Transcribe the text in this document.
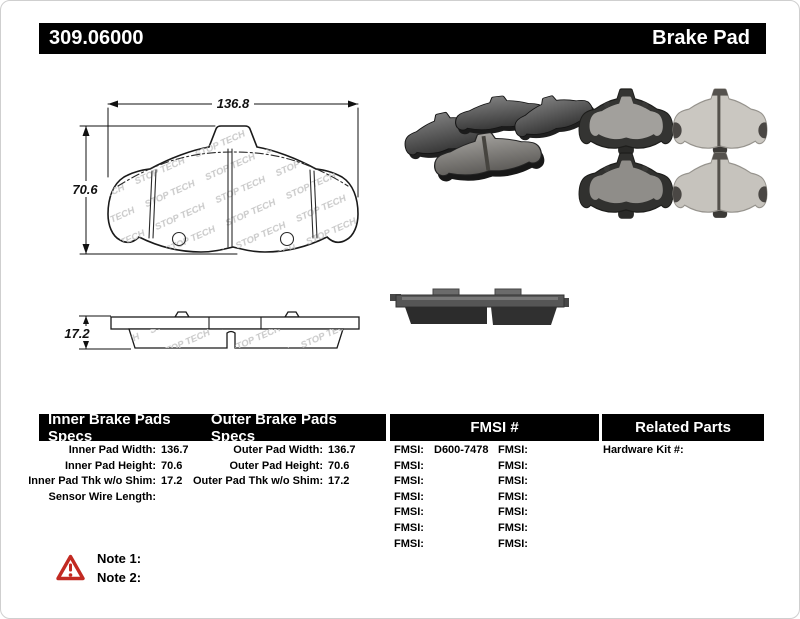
309.06000	Brake Pad
136.8
70.6
17.2
Inner Brake Pads Specs
Outer Brake Pads Specs	FMSI #	Related Parts
Inner Pad Width: 136.7
Inner Pad Height: 70.6
Inner Pad Thk w/o Shim: 17.2
Sensor Wire Length:
Outer Pad Width: 136.7
Outer Pad Height: 70.6
Outer Pad Thk w/o Shim: 17.2
FMSI: D600-7478
FMSI:
FMSI:
FMSI:
FMSI:
FMSI:
FMSI:
FMSI:
FMSI:
FMSI:
FMSI:
FMSI:
FMSI:
FMSI:
Hardware Kit #:
Note 1:
Note 2:
